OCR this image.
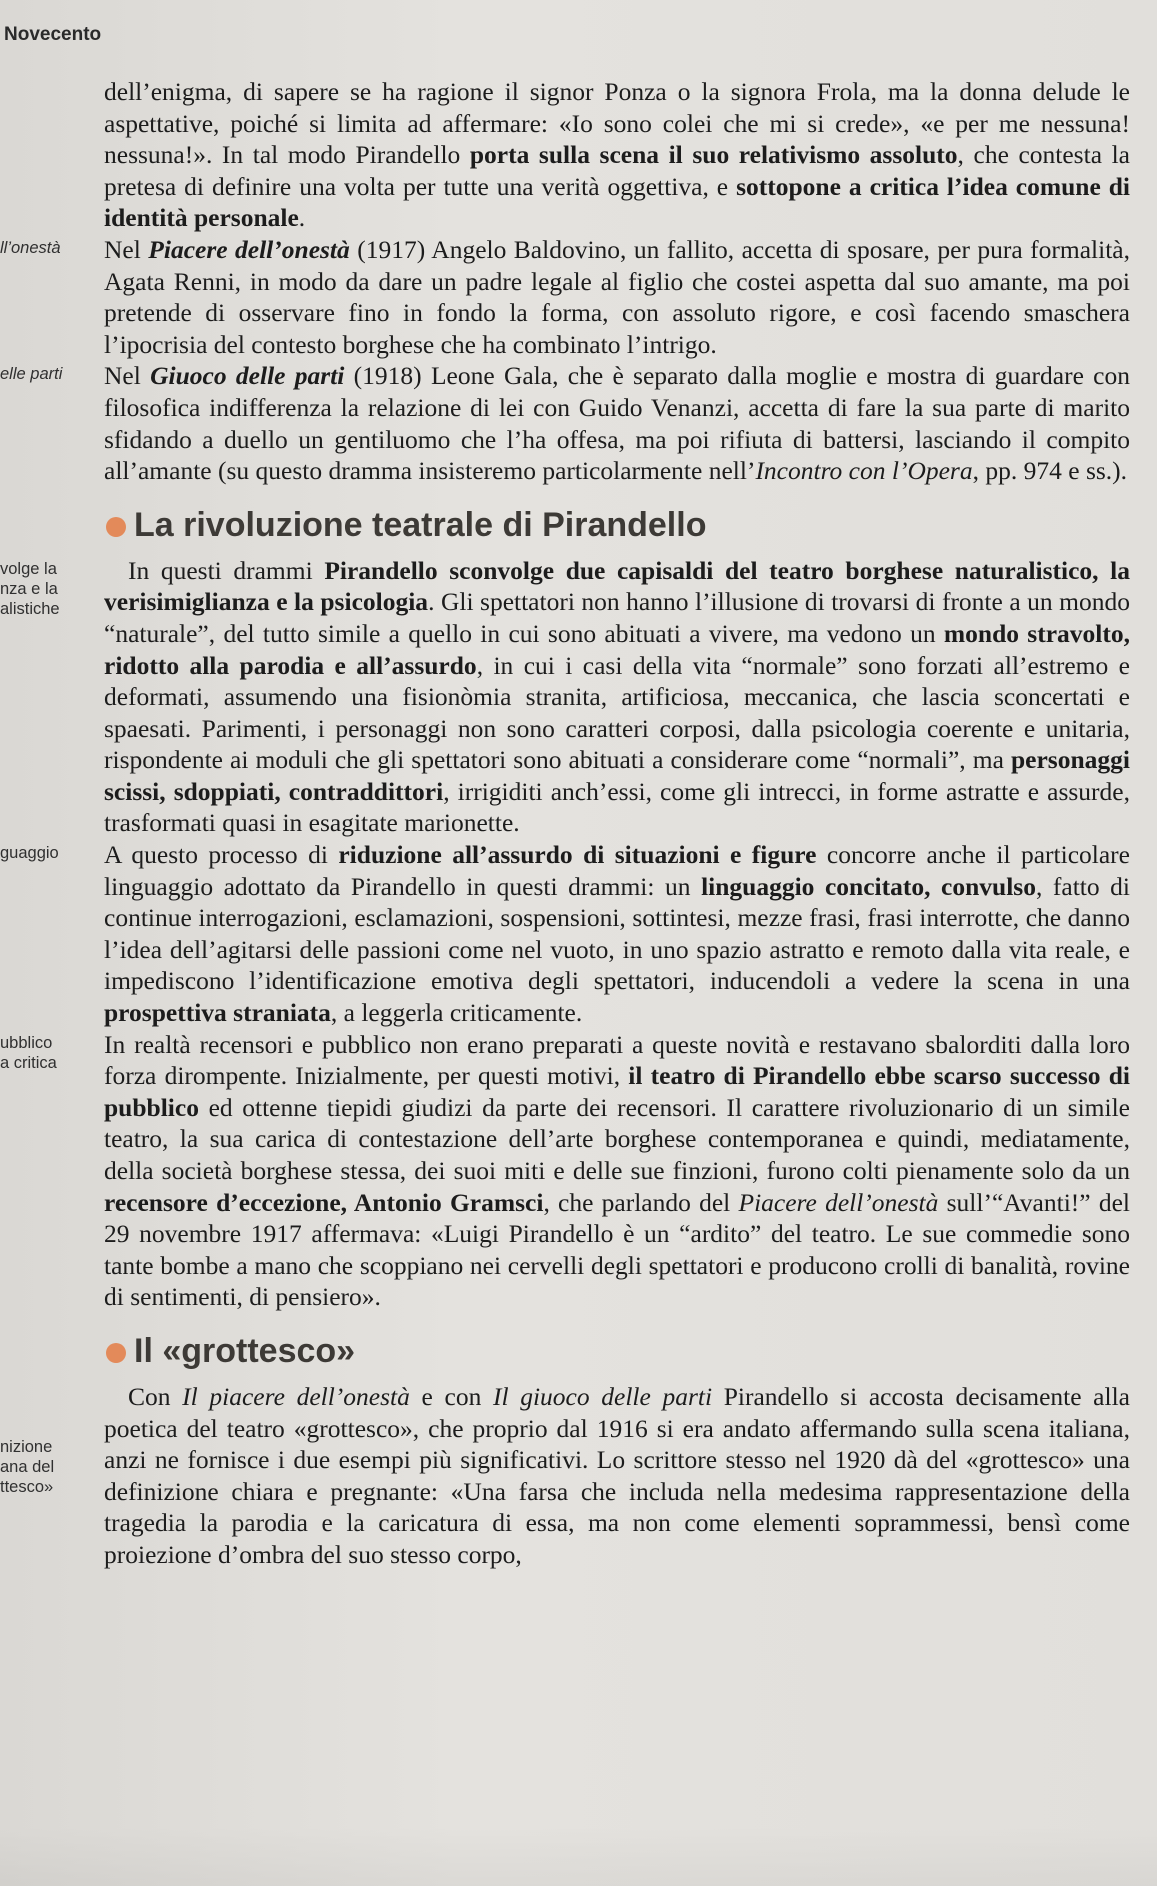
Novecento

dell’enigma, di sapere se ha ragione il signor Ponza o la signora Frola, ma la donna delude le aspettative, poiché si limita ad affermare: «Io sono colei che mi si crede», «e per me nessuna! nessuna!». In tal modo Pirandello porta sulla scena il suo relativismo assoluto, che contesta la pretesa di definire una volta per tutte una verità oggettiva, e sottopone a critica l’idea comune di identità personale.

ll’onestà	Nel Piacere dell’onestà (1917) Angelo Baldovino, un fallito, accetta di sposare, per pura formalità, Agata Renni, in modo da dare un padre legale al figlio che costei aspetta dal suo amante, ma poi pretende di osservare fino in fondo la forma, con assoluto rigore, e così facendo smaschera l’ipocrisia del contesto borghese che ha combinato l’intrigo.

elle parti	Nel Giuoco delle parti (1918) Leone Gala, che è separato dalla moglie e mostra di guardare con filosofica indifferenza la relazione di lei con Guido Venanzi, accetta di fare la sua parte di marito sfidando a duello un gentiluomo che l’ha offesa, ma poi rifiuta di battersi, lasciando il compito all’amante (su questo dramma insisteremo particolarmente nell’Incontro con l’Opera, pp. 974 e ss.).

La rivoluzione teatrale di Pirandello
volge la
nza e la
alistiche

In questi drammi Pirandello sconvolge due capisaldi del teatro borghese naturalistico, la verisimiglianza e la psicologia. Gli spettatori non hanno l’illusione di trovarsi di fronte a un mondo “naturale”, del tutto simile a quello in cui sono abituati a vivere, ma vedono un mondo stravolto, ridotto alla parodia e all’assurdo, in cui i casi della vita “normale” sono forzati all’estremo e deformati, assumendo una fisionòmia stranita, artificiosa, meccanica, che lascia sconcertati e spaesati. Parimenti, i personaggi non sono caratteri corposi, dalla psicologia coerente e unitaria, rispondente ai moduli che gli spettatori sono abituati a considerare come “normali”, ma personaggi scissi, sdoppiati, contraddittori, irrigiditi anch’essi, come gli intrecci, in forme astratte e assurde, trasformati quasi in esagitate marionette.

guaggio	A questo processo di riduzione all’assurdo di situazioni e figure concorre anche il particolare linguaggio adottato da Pirandello in questi drammi: un linguaggio concitato, convulso, fatto di continue interrogazioni, esclamazioni, sospensioni, sottintesi, mezze frasi, frasi interrotte, che danno l’idea dell’agitarsi delle passioni come nel vuoto, in uno spazio astratto e remoto dalla vita reale, e impediscono l’identificazione emotiva degli spettatori, inducendoli a vedere la scena in una prospettiva straniata, a leggerla criticamente.

ubblico
a critica

In realtà recensori e pubblico non erano preparati a queste novità e restavano sbalorditi dalla loro forza dirompente. Inizialmente, per questi motivi, il teatro di Pirandello ebbe scarso successo di pubblico ed ottenne tiepidi giudizi da parte dei recensori. Il carattere rivoluzionario di un simile teatro, la sua carica di contestazione dell’arte borghese contemporanea e quindi, mediatamente, della società borghese stessa, dei suoi miti e delle sue finzioni, furono colti pienamente solo da un recensore d’eccezione, Antonio Gramsci, che parlando del Piacere dell’onestà sull’“Avanti!” del 29 novembre 1917 affermava: «Luigi Pirandello è un “ardito” del teatro. Le sue commedie sono tante bombe a mano che scoppiano nei cervelli degli spettatori e producono crolli di banalità, rovine di sentimenti, di pensiero».

Il «grottesco»
nizione
ana del
ttesco»

Con Il piacere dell’onestà e con Il giuoco delle parti Pirandello si accosta decisamente alla poetica del teatro «grottesco», che proprio dal 1916 si era andato affermando sulla scena italiana, anzi ne fornisce i due esempi più significativi. Lo scrittore stesso nel 1920 dà del «grottesco» una definizione chiara e pregnante: «Una farsa che includa nella medesima rappresentazione della tragedia la parodia e la caricatura di essa, ma non come elementi soprammessi, bensì come proiezione d’ombra del suo stesso corpo,
